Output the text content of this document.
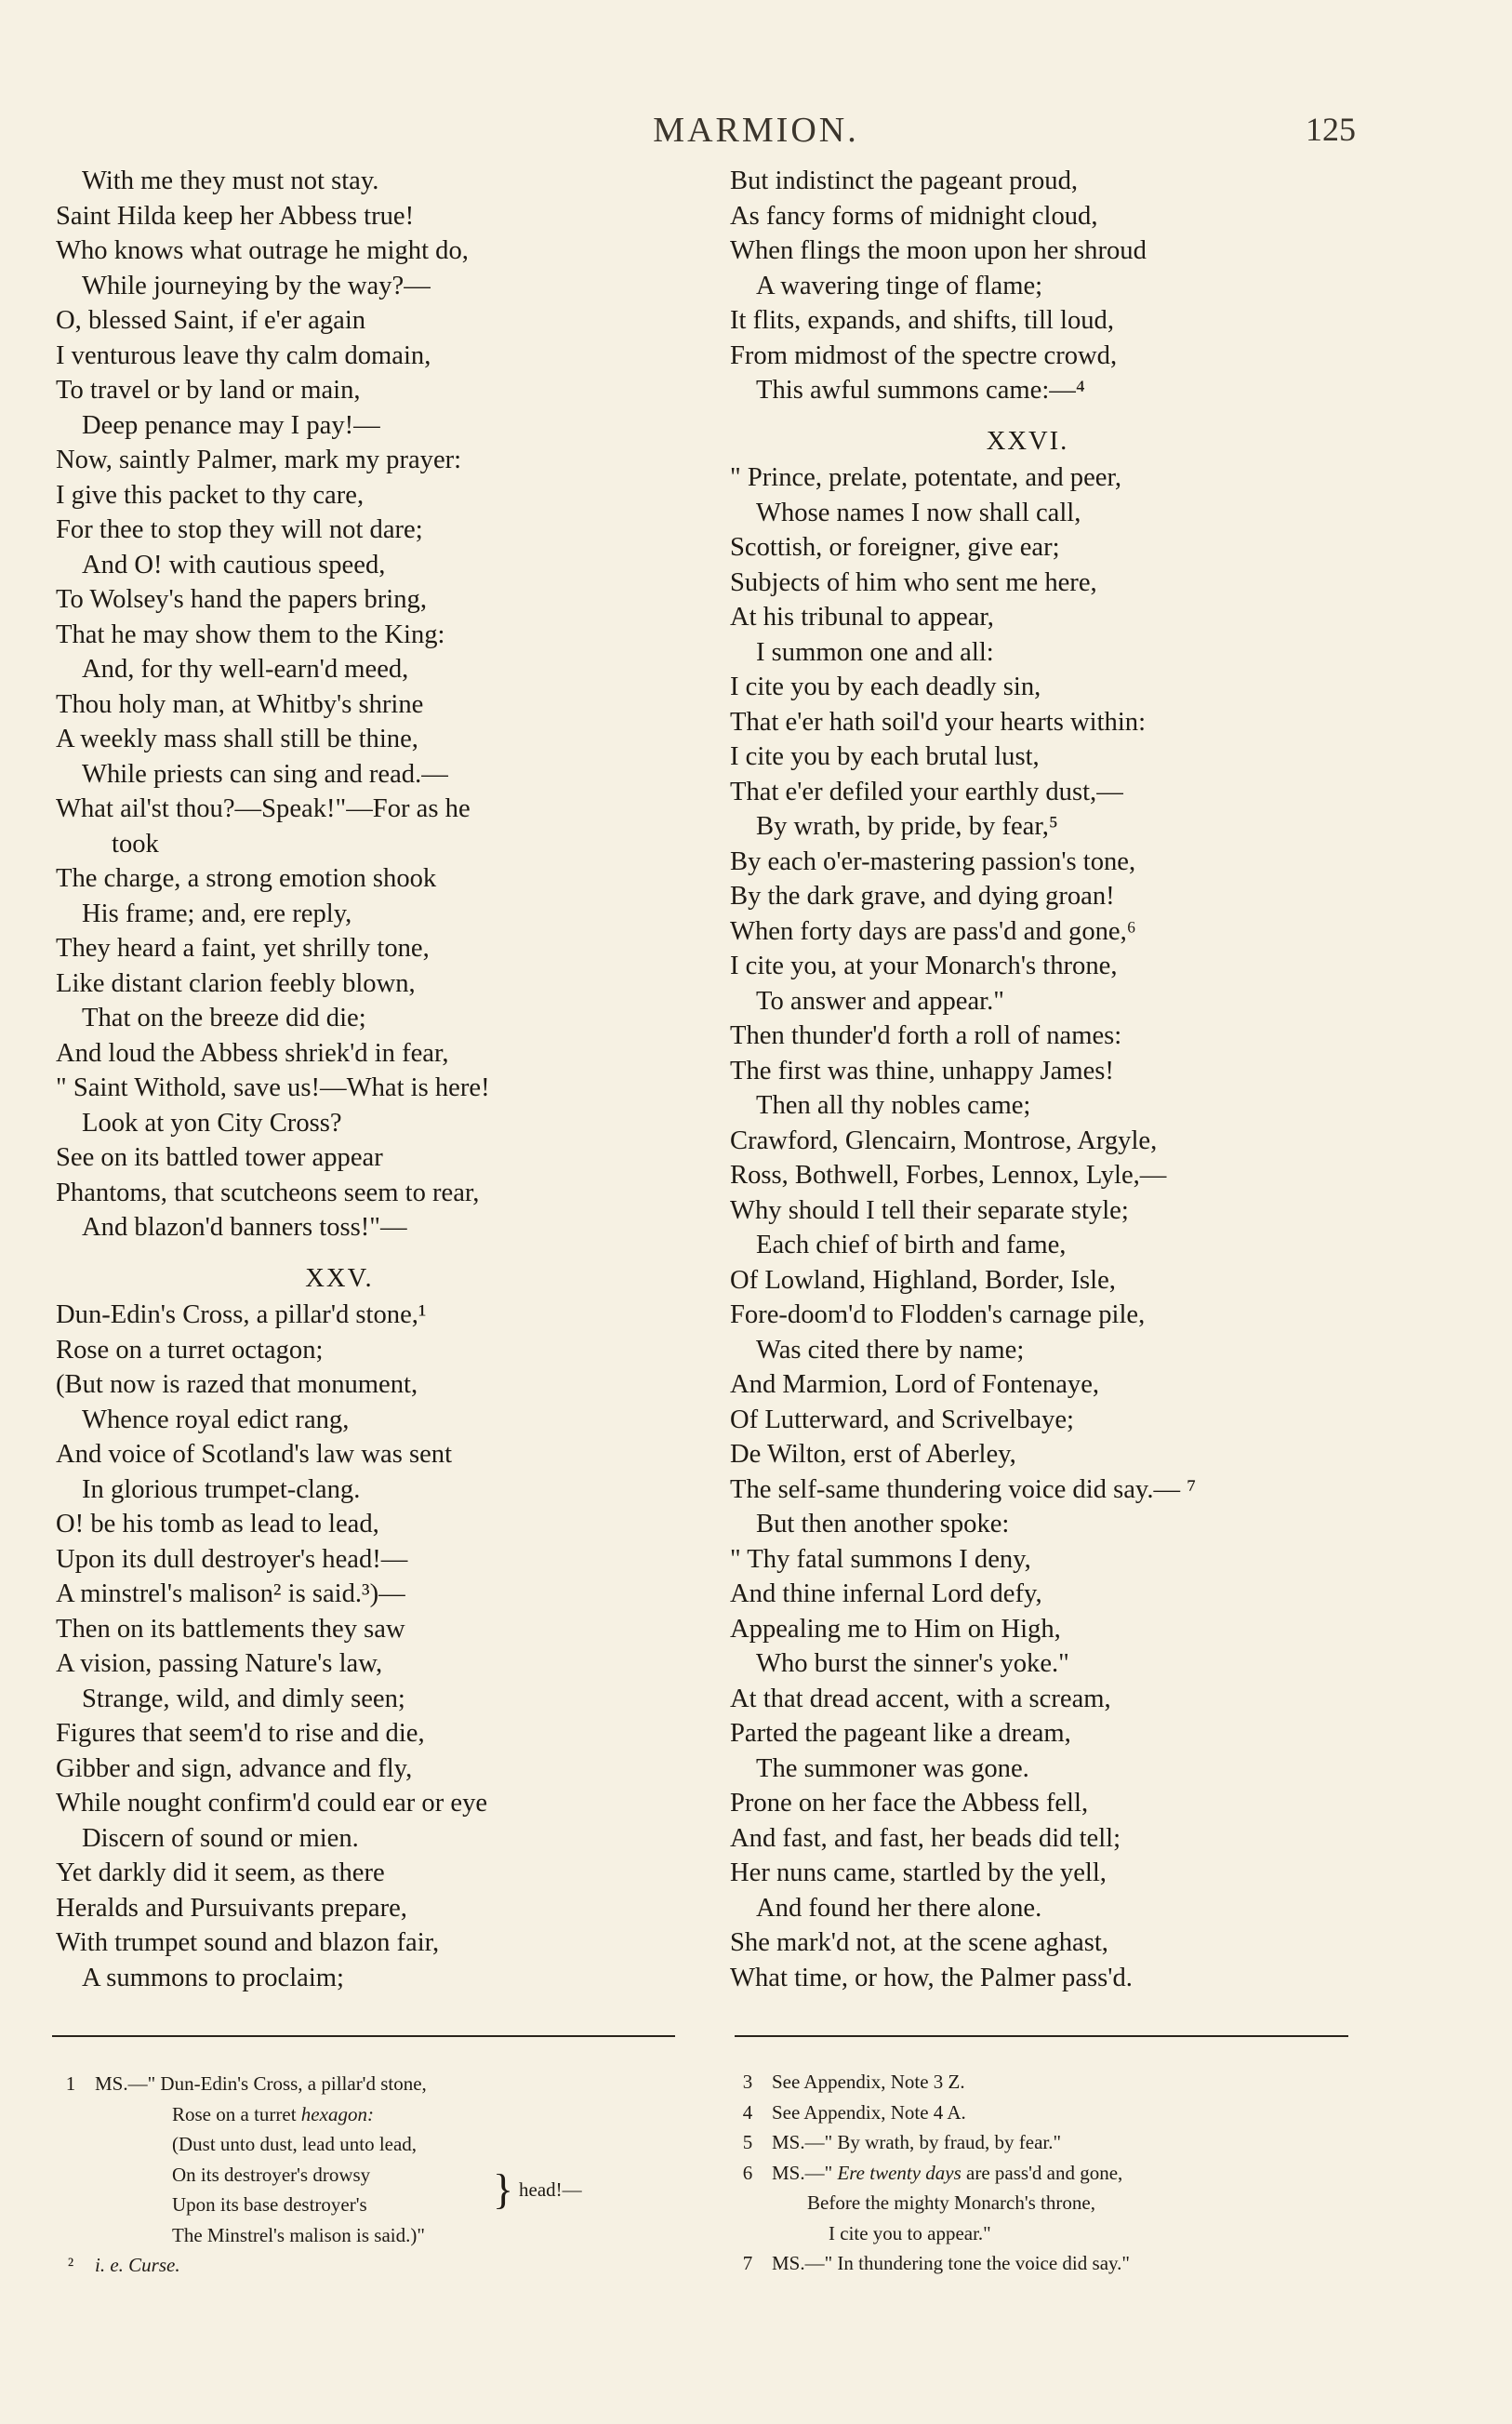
MARMION.	125
With me they must not stay.
Saint Hilda keep her Abbess true!
Who knows what outrage he might do,
While journeying by the way?—
O, blessed Saint, if e'er again
I venturous leave thy calm domain,
To travel or by land or main,
Deep penance may I pay!—
Now, saintly Palmer, mark my prayer:
I give this packet to thy care,
For thee to stop they will not dare;
And O! with cautious speed,
To Wolsey's hand the papers bring,
That he may show them to the King:
And, for thy well-earn'd meed,
Thou holy man, at Whitby's shrine
A weekly mass shall still be thine,
While priests can sing and read.—
What ail'st thou?—Speak!"—For as he
took
The charge, a strong emotion shook
His frame; and, ere reply,
They heard a faint, yet shrilly tone,
Like distant clarion feebly blown,
That on the breeze did die;
And loud the Abbess shriek'd in fear,
" Saint Withold, save us!—What is here!
Look at yon City Cross?
See on its battled tower appear
Phantoms, that scutcheons seem to rear,
And blazon'd banners toss!"—
XXV.
Dun-Edin's Cross, a pillar'd stone,¹
Rose on a turret octagon;
(But now is razed that monument,
Whence royal edict rang,
And voice of Scotland's law was sent
In glorious trumpet-clang.
O! be his tomb as lead to lead,
Upon its dull destroyer's head!—
A minstrel's malison² is said.³)—
Then on its battlements they saw
A vision, passing Nature's law,
Strange, wild, and dimly seen;
Figures that seem'd to rise and die,
Gibber and sign, advance and fly,
While nought confirm'd could ear or eye
Discern of sound or mien.
Yet darkly did it seem, as there
Heralds and Pursuivants prepare,
With trumpet sound and blazon fair,
A summons to proclaim;
But indistinct the pageant proud,
As fancy forms of midnight cloud,
When flings the moon upon her shroud
A wavering tinge of flame;
It flits, expands, and shifts, till loud,
From midmost of the spectre crowd,
This awful summons came:—⁴
XXVI.
" Prince, prelate, potentate, and peer,
Whose names I now shall call,
Scottish, or foreigner, give ear;
Subjects of him who sent me here,
At his tribunal to appear,
I summon one and all:
I cite you by each deadly sin,
That e'er hath soil'd your hearts within:
I cite you by each brutal lust,
That e'er defiled your earthly dust,—
By wrath, by pride, by fear,⁵
By each o'er-mastering passion's tone,
By the dark grave, and dying groan!
When forty days are pass'd and gone,⁶
I cite you, at your Monarch's throne,
To answer and appear."
Then thunder'd forth a roll of names:
The first was thine, unhappy James!
Then all thy nobles came;
Crawford, Glencairn, Montrose, Argyle,
Ross, Bothwell, Forbes, Lennox, Lyle,—
Why should I tell their separate style;
Each chief of birth and fame,
Of Lowland, Highland, Border, Isle,
Fore-doom'd to Flodden's carnage pile,
Was cited there by name;
And Marmion, Lord of Fontenaye,
Of Lutterward, and Scrivelbaye;
De Wilton, erst of Aberley,
The self-same thundering voice did say.— ⁷
But then another spoke:
" Thy fatal summons I deny,
And thine infernal Lord defy,
Appealing me to Him on High,
Who burst the sinner's yoke."
At that dread accent, with a scream,
Parted the pageant like a dream,
The summoner was gone.
Prone on her face the Abbess fell,
And fast, and fast, her beads did tell;
Her nuns came, startled by the yell,
And found her there alone.
She mark'd not, at the scene aghast,
What time, or how, the Palmer pass'd.
1 MS.—" Dun-Edin's Cross, a pillar'd stone,
Rose on a turret hexagon:
(Dust unto dust, lead unto lead,
On its destroyer's drowsy
Upon its base destroyer's	} head!—
The Minstrel's malison is said.)"
² i. e. Curse.
3 See Appendix, Note 3 Z.
4 See Appendix, Note 4 A.
5 MS.—" By wrath, by fraud, by fear."
6 MS.—" Ere twenty days are pass'd and gone,
Before the mighty Monarch's throne,
I cite you to appear."
7 MS.—" In thundering tone the voice did say."
